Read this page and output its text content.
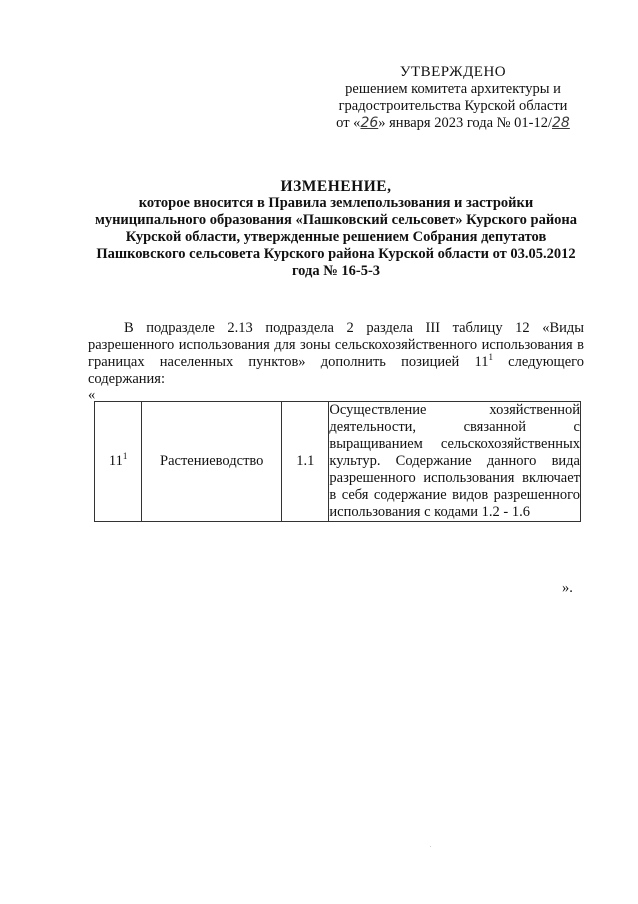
УТВЕРЖДЕНО
решением комитета архитектуры и
градостроительства Курской области
от «26» января 2023 года № 01-12/28
ИЗМЕНЕНИЕ,
которое вносится в Правила землепользования и застройки муниципального образования «Пашковский сельсовет» Курского района Курской области, утвержденные решением Собрания депутатов Пашковского сельсовета Курского района Курской области от 03.05.2012 года № 16-5-3
В подразделе 2.13 подраздела 2 раздела III таблицу 12 «Виды разрешенного использования для зоны сельскохозяйственного использования в границах населенных пунктов» дополнить позицией $11^1$ следующего содержания:
«
$11^1$	Растениеводство	1.1	Осуществление хозяйственной деятельности, связанной с выращиванием сельскохозяйственных культур. Содержание данного вида разрешенного использования включает в себя содержание видов разрешенного использования с кодами 1.2 - 1.6
».
